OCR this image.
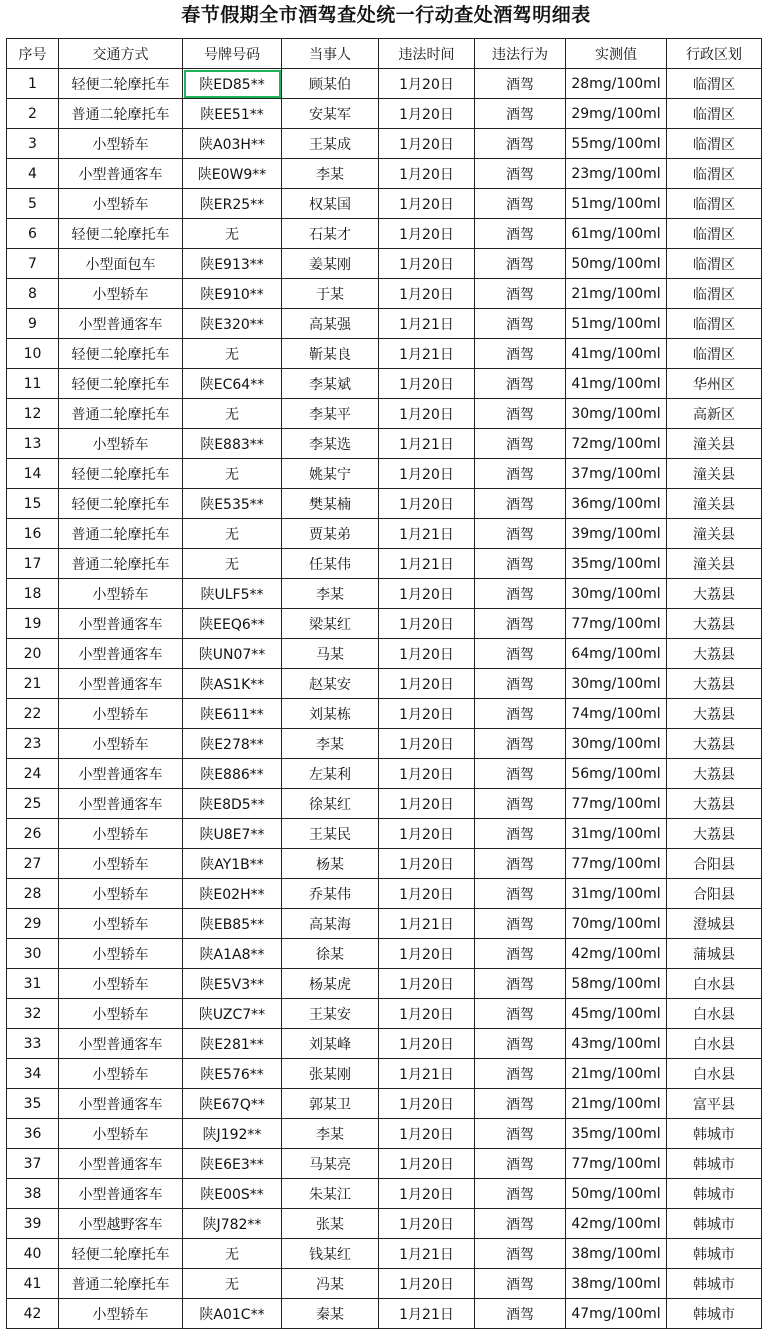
春节假期全市酒驾查处统一行动查处酒驾明细表
序号	交通方式	号牌号码	当事人	违法时间	违法行为	实测值	行政区划
1	轻便二轮摩托车	陕ED85**	顾某伯	1月20日	酒驾	28mg/100ml	临渭区
2	普通二轮摩托车	陕EE51**	安某军	1月20日	酒驾	29mg/100ml	临渭区
3	小型轿车	陕A03H**	王某成	1月20日	酒驾	55mg/100ml	临渭区
4	小型普通客车	陕E0W9**	李某	1月20日	酒驾	23mg/100ml	临渭区
5	小型轿车	陕ER25**	权某国	1月20日	酒驾	51mg/100ml	临渭区
6	轻便二轮摩托车	无	石某才	1月20日	酒驾	61mg/100ml	临渭区
7	小型面包车	陕E913**	姜某刚	1月20日	酒驾	50mg/100ml	临渭区
8	小型轿车	陕E910**	于某	1月20日	酒驾	21mg/100ml	临渭区
9	小型普通客车	陕E320**	高某强	1月21日	酒驾	51mg/100ml	临渭区
10	轻便二轮摩托车	无	靳某良	1月21日	酒驾	41mg/100ml	临渭区
11	轻便二轮摩托车	陕EC64**	李某斌	1月20日	酒驾	41mg/100ml	华州区
12	普通二轮摩托车	无	李某平	1月20日	酒驾	30mg/100ml	高新区
13	小型轿车	陕E883**	李某选	1月21日	酒驾	72mg/100ml	潼关县
14	轻便二轮摩托车	无	姚某宁	1月20日	酒驾	37mg/100ml	潼关县
15	轻便二轮摩托车	陕E535**	樊某楠	1月20日	酒驾	36mg/100ml	潼关县
16	普通二轮摩托车	无	贾某弟	1月21日	酒驾	39mg/100ml	潼关县
17	普通二轮摩托车	无	任某伟	1月21日	酒驾	35mg/100ml	潼关县
18	小型轿车	陕ULF5**	李某	1月20日	酒驾	30mg/100ml	大荔县
19	小型普通客车	陕EEQ6**	梁某红	1月20日	酒驾	77mg/100ml	大荔县
20	小型普通客车	陕UN07**	马某	1月20日	酒驾	64mg/100ml	大荔县
21	小型普通客车	陕AS1K**	赵某安	1月20日	酒驾	30mg/100ml	大荔县
22	小型轿车	陕E611**	刘某栋	1月20日	酒驾	74mg/100ml	大荔县
23	小型轿车	陕E278**	李某	1月20日	酒驾	30mg/100ml	大荔县
24	小型普通客车	陕E886**	左某利	1月20日	酒驾	56mg/100ml	大荔县
25	小型普通客车	陕E8D5**	徐某红	1月20日	酒驾	77mg/100ml	大荔县
26	小型轿车	陕U8E7**	王某民	1月20日	酒驾	31mg/100ml	大荔县
27	小型轿车	陕AY1B**	杨某	1月20日	酒驾	77mg/100ml	合阳县
28	小型轿车	陕E02H**	乔某伟	1月20日	酒驾	31mg/100ml	合阳县
29	小型轿车	陕EB85**	高某海	1月21日	酒驾	70mg/100ml	澄城县
30	小型轿车	陕A1A8**	徐某	1月20日	酒驾	42mg/100ml	蒲城县
31	小型轿车	陕E5V3**	杨某虎	1月20日	酒驾	58mg/100ml	白水县
32	小型轿车	陕UZC7**	王某安	1月20日	酒驾	45mg/100ml	白水县
33	小型普通客车	陕E281**	刘某峰	1月20日	酒驾	43mg/100ml	白水县
34	小型轿车	陕E576**	张某刚	1月21日	酒驾	21mg/100ml	白水县
35	小型普通客车	陕E67Q**	郭某卫	1月20日	酒驾	21mg/100ml	富平县
36	小型轿车	陕J192**	李某	1月20日	酒驾	35mg/100ml	韩城市
37	小型普通客车	陕E6E3**	马某亮	1月20日	酒驾	77mg/100ml	韩城市
38	小型普通客车	陕E00S**	朱某江	1月20日	酒驾	50mg/100ml	韩城市
39	小型越野客车	陕J782**	张某	1月20日	酒驾	42mg/100ml	韩城市
40	轻便二轮摩托车	无	钱某红	1月21日	酒驾	38mg/100ml	韩城市
41	普通二轮摩托车	无	冯某	1月20日	酒驾	38mg/100ml	韩城市
42	小型轿车	陕A01C**	秦某	1月21日	酒驾	47mg/100ml	韩城市
